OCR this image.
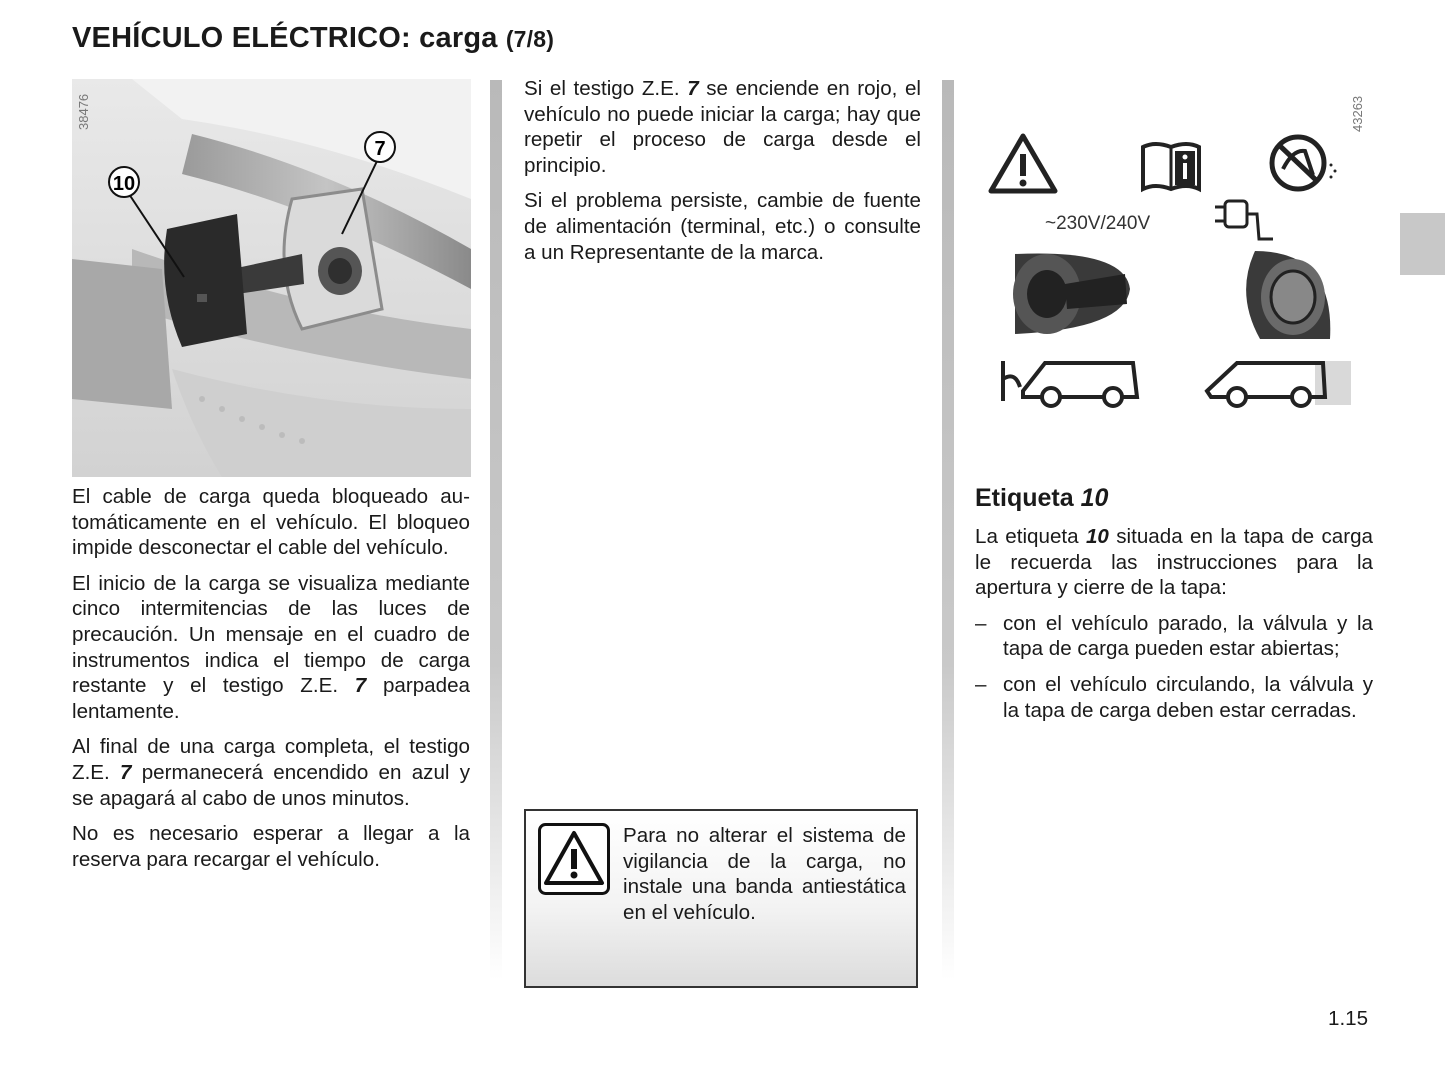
VEHÍCULO ELÉCTRICO: carga (7/8)
10
7
38476

El cable de carga queda bloqueado automáticamente en el vehículo. El bloqueo impide desconectar el cable del vehículo.

El inicio de la carga se visualiza mediante cinco intermitencias de las luces de precaución. Un mensaje en el cuadro de instrumentos indica el tiempo de carga restante y el testigo Z.E. 7 parpadea lentamente.

Al final de una carga completa, el testigo Z.E. 7 permanecerá encendido en azul y se apagará al cabo de unos minutos.

No es necesario esperar a llegar a la reserva para recargar el vehículo.

Si el testigo Z.E. 7 se enciende en rojo, el vehículo no puede iniciar la carga; hay que repetir el proceso de carga desde el principio.

Si el problema persiste, cambie de fuente de alimentación (terminal, etc.) o consulte a un Representante de la marca.

Para no alterar el sistema de vigilancia de la carga, no instale una banda antiestática en el vehículo.

~230V/240V
43263
Etiqueta 10

La etiqueta 10 situada en la tapa de carga le recuerda las instrucciones para la apertura y cierre de la tapa:

– con el vehículo parado, la válvula y la tapa de carga pueden estar abiertas;
– con el vehículo circulando, la válvula y la tapa de carga deben estar cerradas.
1.15
